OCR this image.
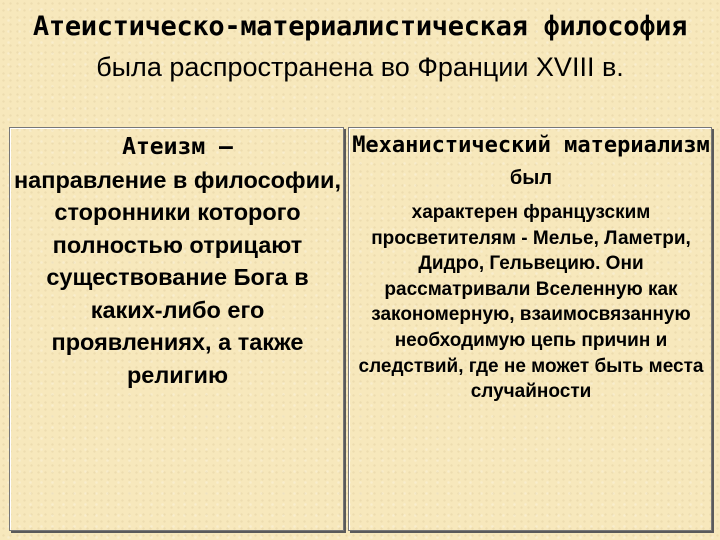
Атеистическо-материалистическая философия была распространена во Франции XVIII в.

Атеизм –
направление в философии, сторонники которого полностью отрицают существование Бога в каких-либо его проявлениях, а также религию

Механистический материализм был

характерен французским просветителям - Мелье, Ламетри, Дидро, Гельвецию. Они рассматривали Вселенную как закономерную, взаимосвязанную необходимую цепь причин и следствий, где не может быть места случайности
